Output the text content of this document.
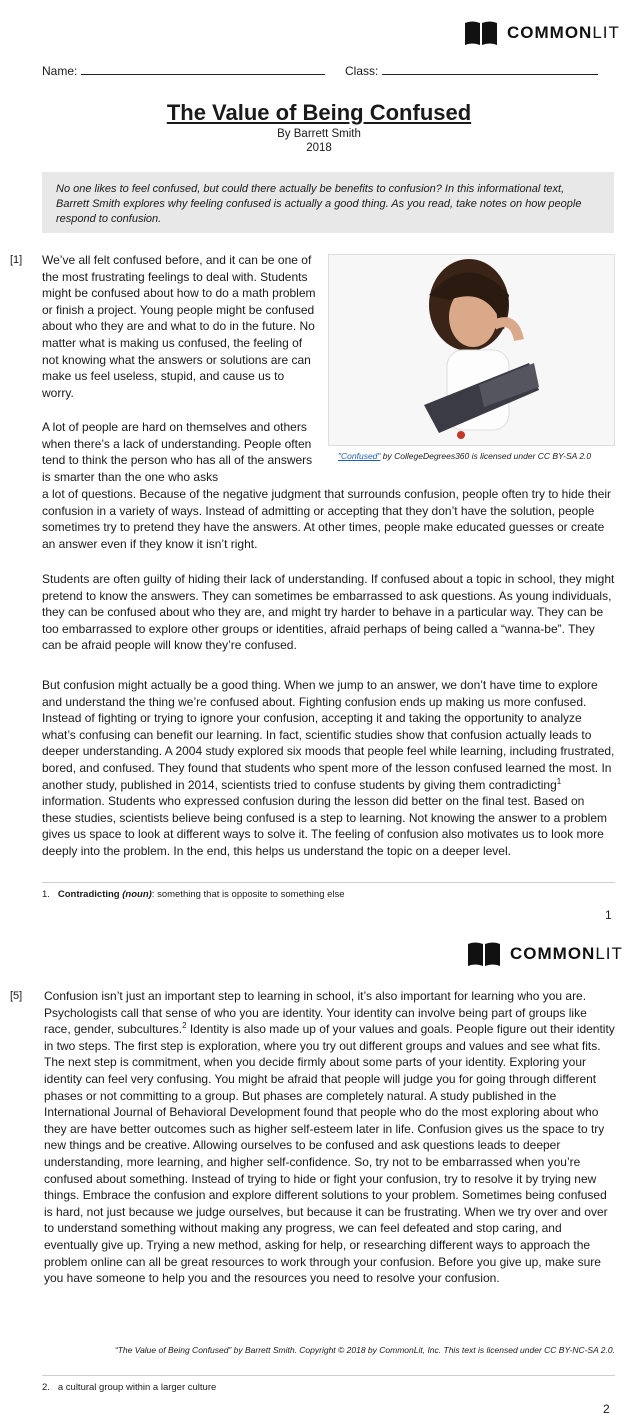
COMMONLIT
Name:	Class:
The Value of Being Confused
By Barrett Smith
2018
No one likes to feel confused, but could there actually be benefits to confusion? In this informational text, Barrett Smith explores why feeling confused is actually a good thing. As you read, take notes on how people respond to confusion.
[1] We’ve all felt confused before, and it can be one of the most frustrating feelings to deal with. Students might be confused about how to do a math problem or finish a project. Young people might be confused about who they are and what to do in the future. No matter what is making us confused, the feeling of not knowing what the answers or solutions are can make us feel useless, stupid, and cause us to worry.
"Confused" by CollegeDegrees360 is licensed under CC BY-SA 2.0
A lot of people are hard on themselves and others when there’s a lack of understanding. People often tend to think the person who has all of the answers is smarter than the one who asks
a lot of questions. Because of the negative judgment that surrounds confusion, people often try to hide their confusion in a variety of ways. Instead of admitting or accepting that they don’t have the solution, people sometimes try to pretend they have the answers. At other times, people make educated guesses or create an answer even if they know it isn’t right.
Students are often guilty of hiding their lack of understanding. If confused about a topic in school, they might pretend to know the answers. They can sometimes be embarrassed to ask questions. As young individuals, they can be confused about who they are, and might try harder to behave in a particular way. They can be too embarrassed to explore other groups or identities, afraid perhaps of being called a “wanna-be”. They can be afraid people will know they’re confused.
But confusion might actually be a good thing. When we jump to an answer, we don’t have time to explore and understand the thing we’re confused about. Fighting confusion ends up making us more confused. Instead of fighting or trying to ignore your confusion, accepting it and taking the opportunity to analyze what’s confusing can benefit our learning. In fact, scientific studies show that confusion actually leads to deeper understanding. A 2004 study explored six moods that people feel while learning, including frustrated, bored, and confused. They found that students who spent more of the lesson confused learned the most. In another study, published in 2014, scientists tried to confuse students by giving them contradicting$^1$ information. Students who expressed confusion during the lesson did better on the final test. Based on these studies, scientists believe being confused is a step to learning. Not knowing the answer to a problem gives us space to look at different ways to solve it. The feeling of confusion also motivates us to look more deeply into the problem. In the end, this helps us understand the topic on a deeper level.
1. Contradicting (noun): something that is opposite to something else
1
COMMONLIT
[5] Confusion isn’t just an important step to learning in school, it’s also important for learning who you are. Psychologists call that sense of who you are identity. Your identity can involve being part of groups like race, gender, subcultures.$^2$ Identity is also made up of your values and goals. People figure out their identity in two steps. The first step is exploration, where you try out different groups and values and see what fits. The next step is commitment, when you decide firmly about some parts of your identity. Exploring your identity can feel very confusing. You might be afraid that people will judge you for going through different phases or not committing to a group. But phases are completely natural. A study published in the International Journal of Behavioral Development found that people who do the most exploring about who they are have better outcomes such as higher self-esteem later in life. Confusion gives us the space to try new things and be creative. Allowing ourselves to be confused and ask questions leads to deeper understanding, more learning, and higher self-confidence. So, try not to be embarrassed when you’re confused about something. Instead of trying to hide or fight your confusion, try to resolve it by trying new things. Embrace the confusion and explore different solutions to your problem. Sometimes being confused is hard, not just because we judge ourselves, but because it can be frustrating. When we try over and over to understand something without making any progress, we can feel defeated and stop caring, and eventually give up. Trying a new method, asking for help, or researching different ways to approach the problem online can all be great resources to work through your confusion. Before you give up, make sure you have someone to help you and the resources you need to resolve your confusion.
“The Value of Being Confused” by Barrett Smith. Copyright © 2018 by CommonLit, Inc. This text is licensed under CC BY-NC-SA 2.0.
2. a cultural group within a larger culture
2
